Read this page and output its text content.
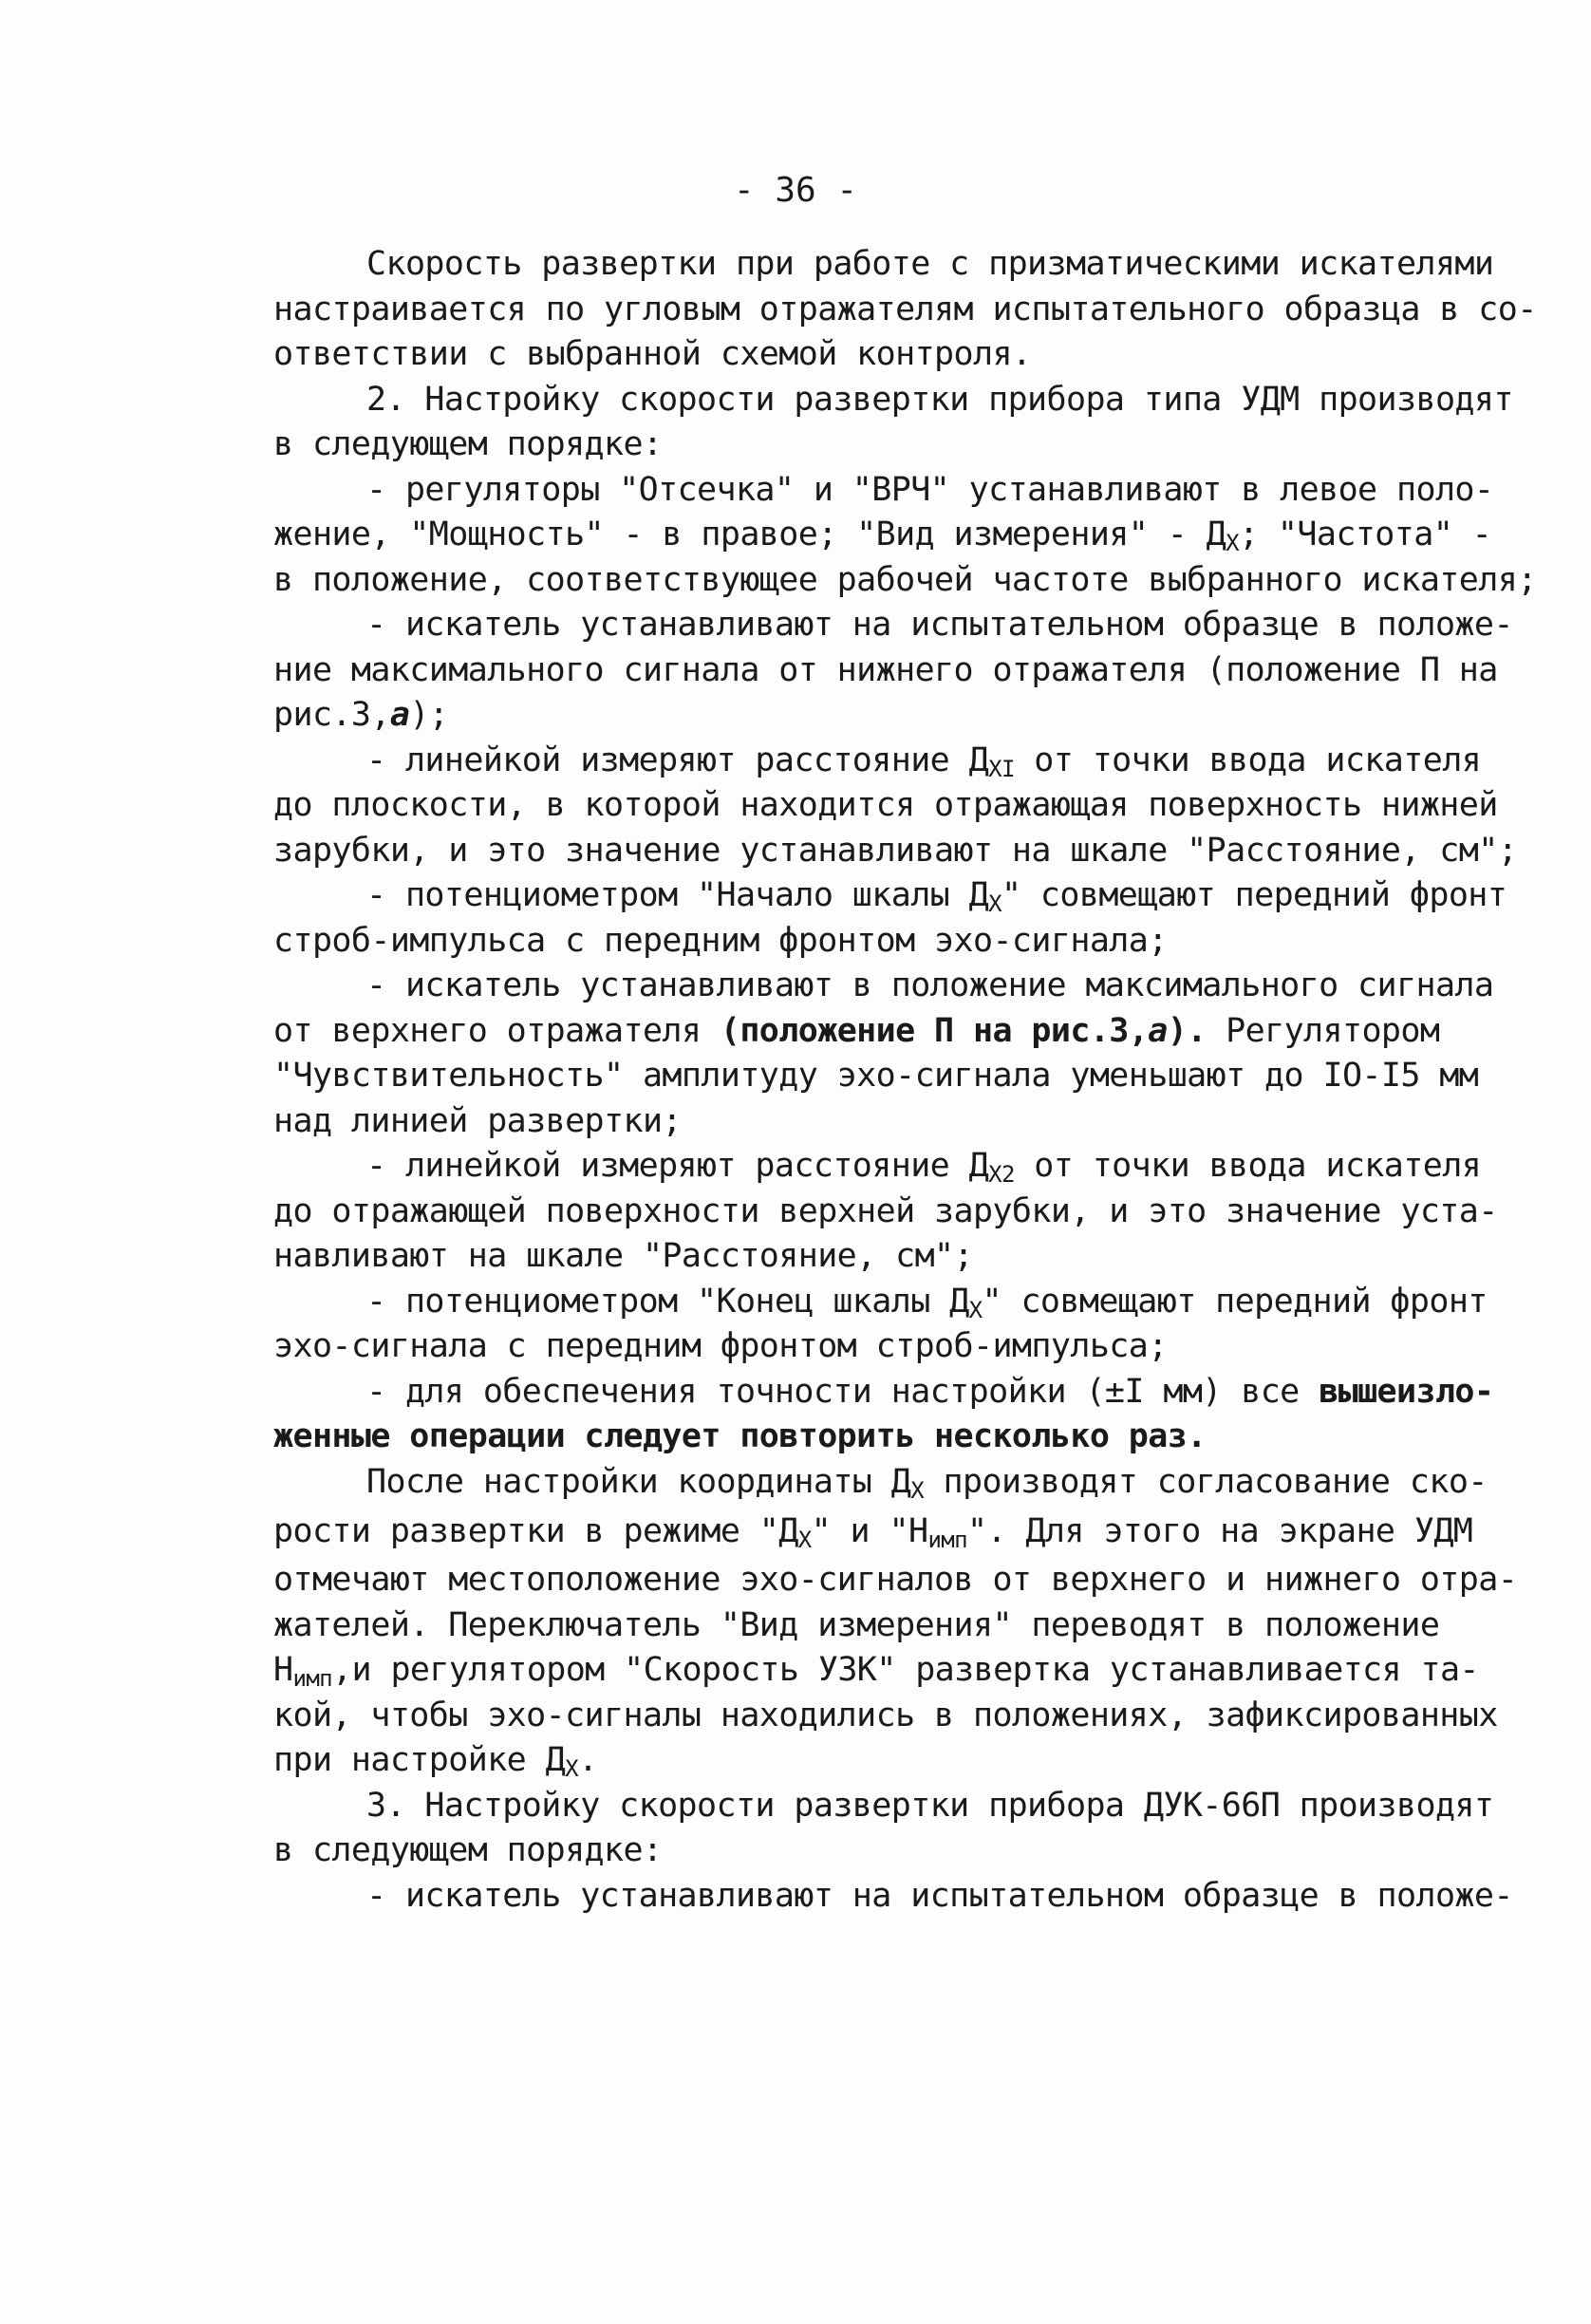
- 36 -
Скорость развертки при работе с призматическими искателями
настраивается по угловым отражателям испытательного образца в со-
ответствии с выбранной схемой контроля.
2. Настройку скорости развертки прибора типа УДМ производят
в следующем порядке:
- регуляторы "Отсечка" и "ВРЧ" устанавливают в левое поло-
жение, "Мощность" - в правое; "Вид измерения" - $Д_Х$; "Частота" -
в положение, соответствующее рабочей частоте выбранного искателя;
- искатель устанавливают на испытательном образце в положе-
ние максимального сигнала от нижнего отражателя (положение П на
рис.3,а);
- линейкой измеряют расстояние $Д_{ХI}$ от точки ввода искателя
до плоскости, в которой находится отражающая поверхность нижней
зарубки, и это значение устанавливают на шкале "Расстояние, см";
- потенциометром "Начало шкалы $Д_Х$" совмещают передний фронт
строб-импульса с передним фронтом эхо-сигнала;
- искатель устанавливают в положение максимального сигнала
от верхнего отражателя (положение П на рис.3,а). Регулятором
"Чувствительность" амплитуду эхо-сигнала уменьшают до IO-I5 мм
над линией развертки;
- линейкой измеряют расстояние $Д_{Х2}$ от точки ввода искателя
до отражающей поверхности верхней зарубки, и это значение уста-
навливают на шкале "Расстояние, см";
- потенциометром "Конец шкалы $Д_Х$" совмещают передний фронт
эхо-сигнала с передним фронтом строб-импульса;
- для обеспечения точности настройки (±I мм) все вышеизло-
женные операции следует повторить несколько раз.
После настройки координаты $Д_Х$ производят согласование ско-
рости развертки в режиме "$Д_Х$" и "$Н_{имп}$". Для этого на экране УДМ
отмечают местоположение эхо-сигналов от верхнего и нижнего отра-
жателей. Переключатель "Вид измерения" переводят в положение
$Н_{имп},и$ регулятором "Скорость УЗК" развертка устанавливается та-
кой, чтобы эхо-сигналы находились в положениях, зафиксированных
при настройке $Д_Х$.
3. Настройку скорости развертки прибора ДУК-66П производят
в следующем порядке:
- искатель устанавливают на испытательном образце в положе-
